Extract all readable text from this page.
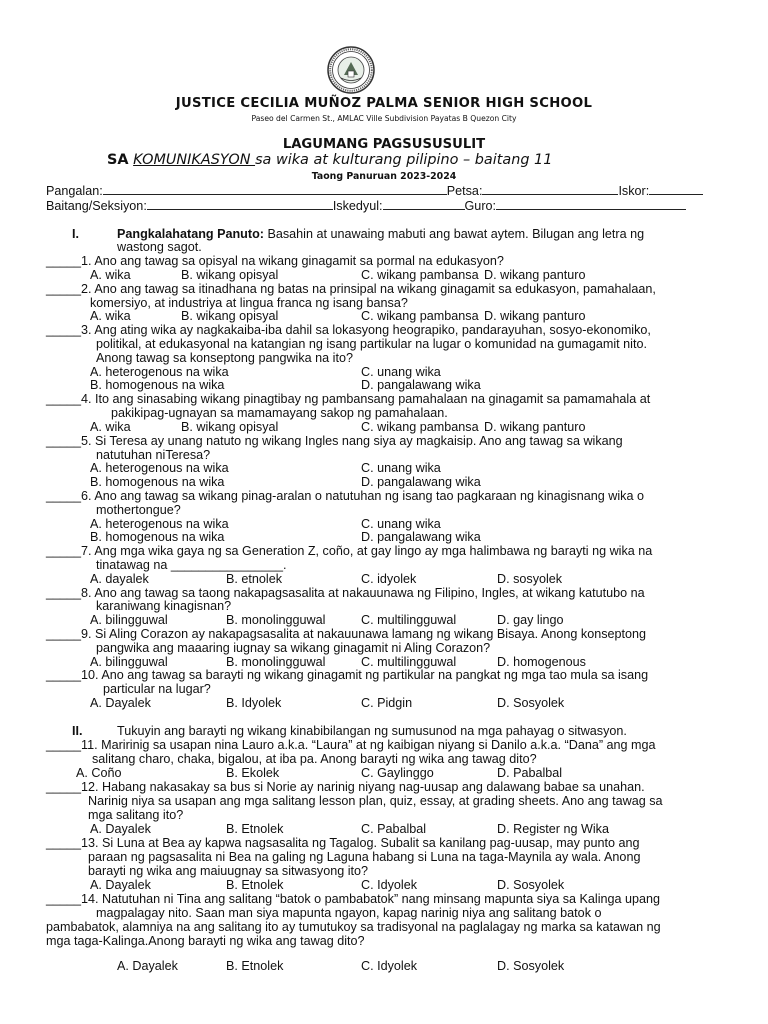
JUSTICE CECILIA MUÑOZ PALMA SENIOR HIGH SCHOOL
Paseo del Carmen St., AMLAC Ville Subdivision Payatas B Quezon City
LAGUMANG PAGSUSUSULIT
SA KOMUNIKASYON sa wika at kulturang pilipino – baitang 11
Taong Panuruan 2023-2024
Pangalan:	Petsa:	Iskor:
Baitang/Seksiyon:	Iskedyul:	Guro:
I.	Pangkalahatang Panuto: Basahin at unawaing mabuti ang bawat aytem. Bilugan ang letra ng
wastong sagot.
_____1. Ano ang tawag sa opisyal na wikang ginagamit sa pormal na edukasyon?
A. wika	B. wikang opisyal	C. wikang pambansa D. wikang panturo
_____2. Ano ang tawag sa itinadhana ng batas na prinsipal na wikang ginagamit sa edukasyon, pamahalaan,
komersiyo, at industriya at lingua franca ng isang bansa?
A. wika	B. wikang opisyal	C. wikang pambansa D. wikang panturo
_____3. Ang ating wika ay nagkakaiba-iba dahil sa lokasyong heograpiko, pandarayuhan, sosyo-ekonomiko,
politikal, at edukasyonal na katangian ng isang partikular na lugar o komunidad na gumagamit nito.
Anong tawag sa konseptong pangwika na ito?
A. heterogenous na wika	C. unang wika
B. homogenous na wika	D. pangalawang wika
_____4. Ito ang sinasabing wikang pinagtibay ng pambansang pamahalaan na ginagamit sa pamamahala at
pakikipag-ugnayan sa mamamayang sakop ng pamahalaan.
A. wika	B. wikang opisyal	C. wikang pambansa D. wikang panturo
_____5. Si Teresa ay unang natuto ng wikang Ingles nang siya ay magkaisip. Ano ang tawag sa wikang
natutuhan niTeresa?
A. heterogenous na wika	C. unang wika
B. homogenous na wika	D. pangalawang wika
_____6. Ano ang tawag sa wikang pinag-aralan o natutuhan ng isang tao pagkaraan ng kinagisnang wika o
mothertongue?
A. heterogenous na wika	C. unang wika
B. homogenous na wika	D. pangalawang wika
_____7. Ang mga wika gaya ng sa Generation Z, coño, at gay lingo ay mga halimbawa ng barayti ng wika na
tinatawag na ________________.
A. dayalek	B. etnolek	C. idyolek	D. sosyolek
_____8. Ano ang tawag sa taong nakapagsasalita at nakauunawa ng Filipino, Ingles, at wikang katutubo na
karaniwang kinagisnan?
A. bilingguwal	B. monolingguwal	C. multilingguwal	D. gay lingo
_____9. Si Aling Corazon ay nakapagsasalita at nakauunawa lamang ng wikang Bisaya. Anong konseptong
pangwika ang maaaring iugnay sa wikang ginagamit ni Aling Corazon?
A. bilingguwal	B. monolingguwal	C. multilingguwal	D. homogenous
_____10. Ano ang tawag sa barayti ng wikang ginagamit ng partikular na pangkat ng mga tao mula sa isang
particular na lugar?
A. Dayalek	B. Idyolek	C. Pidgin	D. Sosyolek
II.	Tukuyin ang barayti ng wikang kinabibilangan ng sumusunod na mga pahayag o sitwasyon.
_____11. Maririnig sa usapan nina Lauro a.k.a. “Laura” at ng kaibigan niyang si Danilo a.k.a. “Dana” ang mga
salitang charo, chaka, bigalou, at iba pa. Anong barayti ng wika ang tawag dito?
A. Coño	B. Ekolek	C. Gaylinggo	D. Pabalbal
_____12. Habang nakasakay sa bus si Norie ay narinig niyang nag-uusap ang dalawang babae sa unahan.
Narinig niya sa usapan ang mga salitang lesson plan, quiz, essay, at grading sheets. Ano ang tawag sa
mga salitang ito?
A. Dayalek	B. Etnolek	C. Pabalbal	D. Register ng Wika
_____13. Si Luna at Bea ay kapwa nagsasalita ng Tagalog. Subalit sa kanilang pag-uusap, may punto ang
paraan ng pagsasalita ni Bea na galing ng Laguna habang si Luna na taga-Maynila ay wala. Anong
barayti ng wika ang maiuugnay sa sitwasyong ito?
A. Dayalek	B. Etnolek	C. Idyolek	D. Sosyolek
_____14. Natutuhan ni Tina ang salitang “batok o pambabatok” nang minsang mapunta siya sa Kalinga upang
magpalagay nito. Saan man siya mapunta ngayon, kapag narinig niya ang salitang batok o
pambabatok, alamniya na ang salitang ito ay tumutukoy sa tradisyonal na paglalagay ng marka sa katawan ng
mga taga-Kalinga.Anong barayti ng wika ang tawag dito?
A. Dayalek	B. Etnolek	C. Idyolek	D. Sosyolek
